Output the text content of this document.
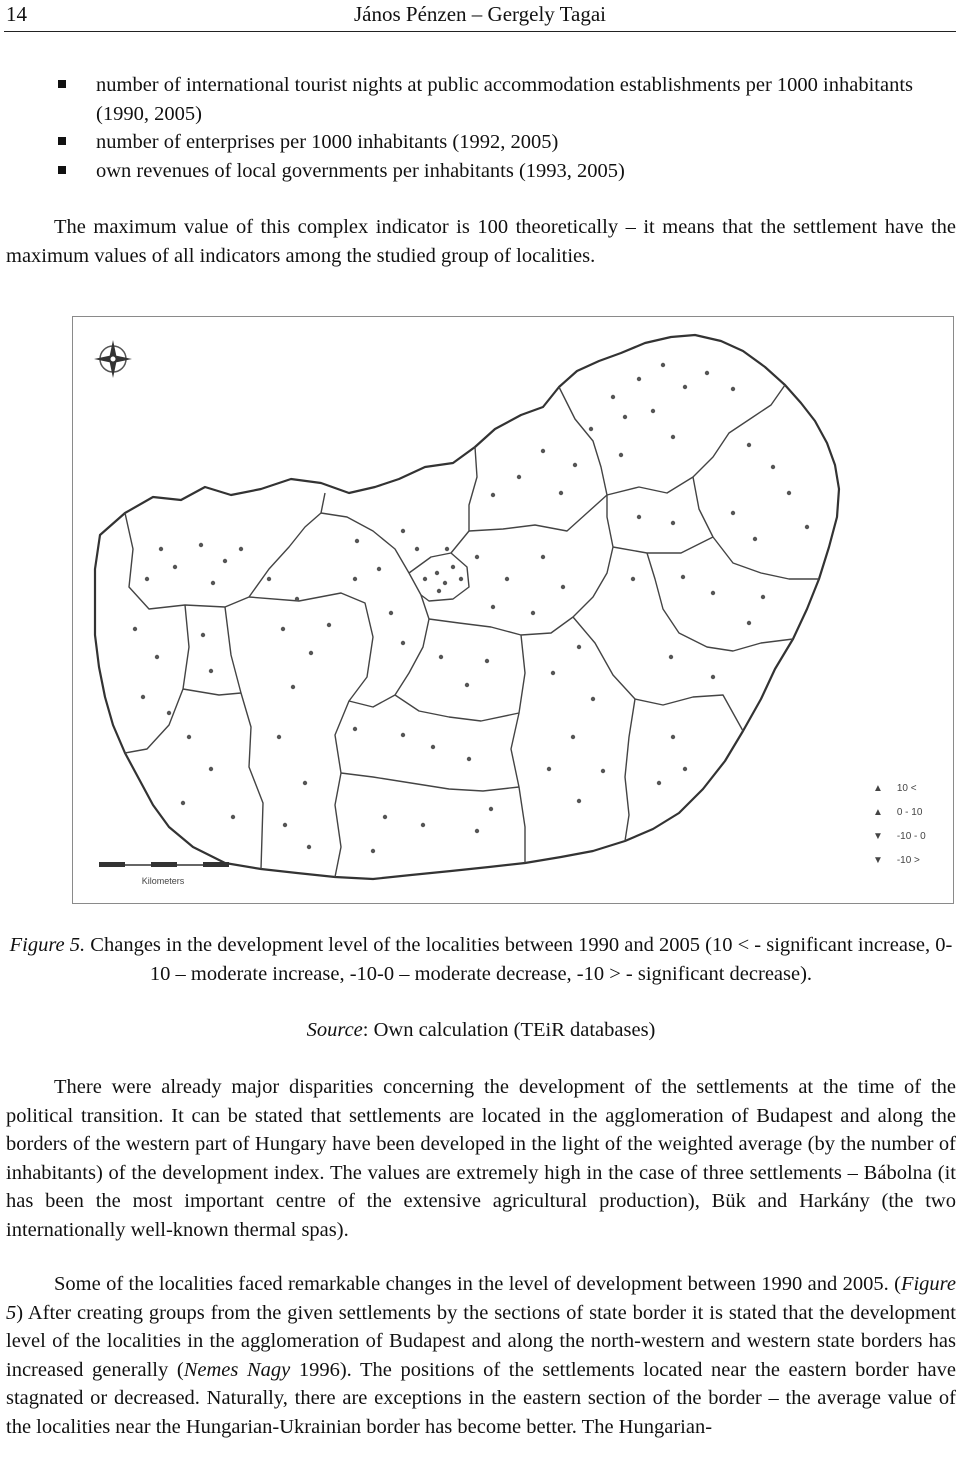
14	János Pénzen – Gergely Tagai
number of international tourist nights at public accommodation establishments per 1000 inhabitants (1990, 2005)
number of enterprises per 1000 inhabitants (1992, 2005)
own revenues of local governments per inhabitants (1993, 2005)

The maximum value of this complex indicator is 100 theoretically – it means that the settlement have the maximum values of all indicators among the studied group of localities.

Kilometers
▲ 10 <
▲ 0 - 10
▼ -10 - 0
▼ -10 >
Figure 5. Changes in the development level of the localities between 1990 and 2005 (10 < - significant increase, 0-10 – moderate increase, -10-0 – moderate decrease, -10 > - significant decrease).
Source: Own calculation (TEiR databases)

There were already major disparities concerning the development of the settlements at the time of the political transition. It can be stated that settlements are located in the agglomeration of Budapest and along the borders of the western part of Hungary have been developed in the light of the weighted average (by the number of inhabitants) of the development index. The values are extremely high in the case of three settlements – Bábolna (it has been the most important centre of the extensive agricultural production), Bük and Harkány (the two internationally well-known thermal spas).

Some of the localities faced remarkable changes in the level of development between 1990 and 2005. (Figure 5) After creating groups from the given settlements by the sections of state border it is stated that the development level of the localities in the agglomeration of Budapest and along the north-western and western state borders has increased generally (Nemes Nagy 1996). The positions of the settlements located near the eastern border have stagnated or decreased. Naturally, there are exceptions in the eastern section of the border – the average value of the localities near the Hungarian-Ukrainian border has become better. The Hungarian-
